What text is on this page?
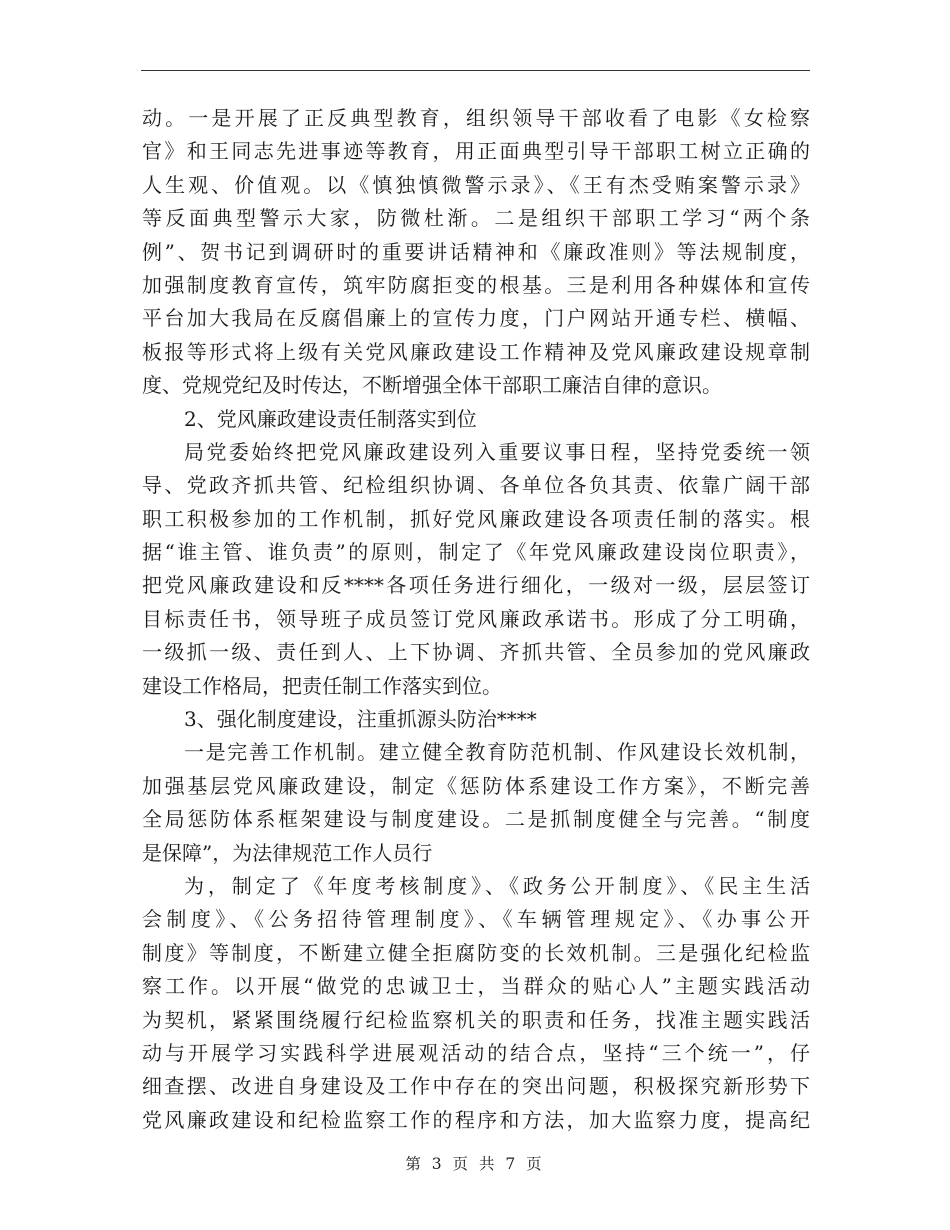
动。一是开展了正反典型教育，组织领导干部收看了电影《女检察
官》和王同志先进事迹等教育，用正面典型引导干部职工树立正确的
人生观、价值观。以《慎独慎微警示录》、《王有杰受贿案警示录》
等反面典型警示大家，防微杜渐。二是组织干部职工学习“两个条
例”、贺书记到调研时的重要讲话精神和《廉政准则》等法规制度，
加强制度教育宣传，筑牢防腐拒变的根基。三是利用各种媒体和宣传
平台加大我局在反腐倡廉上的宣传力度，门户网站开通专栏、横幅、
板报等形式将上级有关党风廉政建设工作精神及党风廉政建设规章制
度、党规党纪及时传达，不断增强全体干部职工廉洁自律的意识。
2、党风廉政建设责任制落实到位
局党委始终把党风廉政建设列入重要议事日程，坚持党委统一领
导、党政齐抓共管、纪检组织协调、各单位各负其责、依靠广阔干部
职工积极参加的工作机制，抓好党风廉政建设各项责任制的落实。根
据“谁主管、谁负责”的原则，制定了《年党风廉政建设岗位职责》，
把党风廉政建设和反****各项任务进行细化，一级对一级，层层签订
目标责任书，领导班子成员签订党风廉政承诺书。形成了分工明确，
一级抓一级、责任到人、上下协调、齐抓共管、全员参加的党风廉政
建设工作格局，把责任制工作落实到位。
3、强化制度建设，注重抓源头防治****
一是完善工作机制。建立健全教育防范机制、作风建设长效机制，
加强基层党风廉政建设，制定《惩防体系建设工作方案》，不断完善
全局惩防体系框架建设与制度建设。二是抓制度健全与完善。“制度
是保障”，为法律规范工作人员行
为，制定了《年度考核制度》、《政务公开制度》、《民主生活
会制度》、《公务招待管理制度》、《车辆管理规定》、《办事公开
制度》等制度，不断建立健全拒腐防变的长效机制。三是强化纪检监
察工作。以开展“做党的忠诚卫士，当群众的贴心人”主题实践活动
为契机，紧紧围绕履行纪检监察机关的职责和任务，找准主题实践活
动与开展学习实践科学进展观活动的结合点，坚持“三个统一”，仔
细查摆、改进自身建设及工作中存在的突出问题，积极探究新形势下
党风廉政建设和纪检监察工作的程序和方法，加大监察力度，提高纪
第 3 页 共 7 页
